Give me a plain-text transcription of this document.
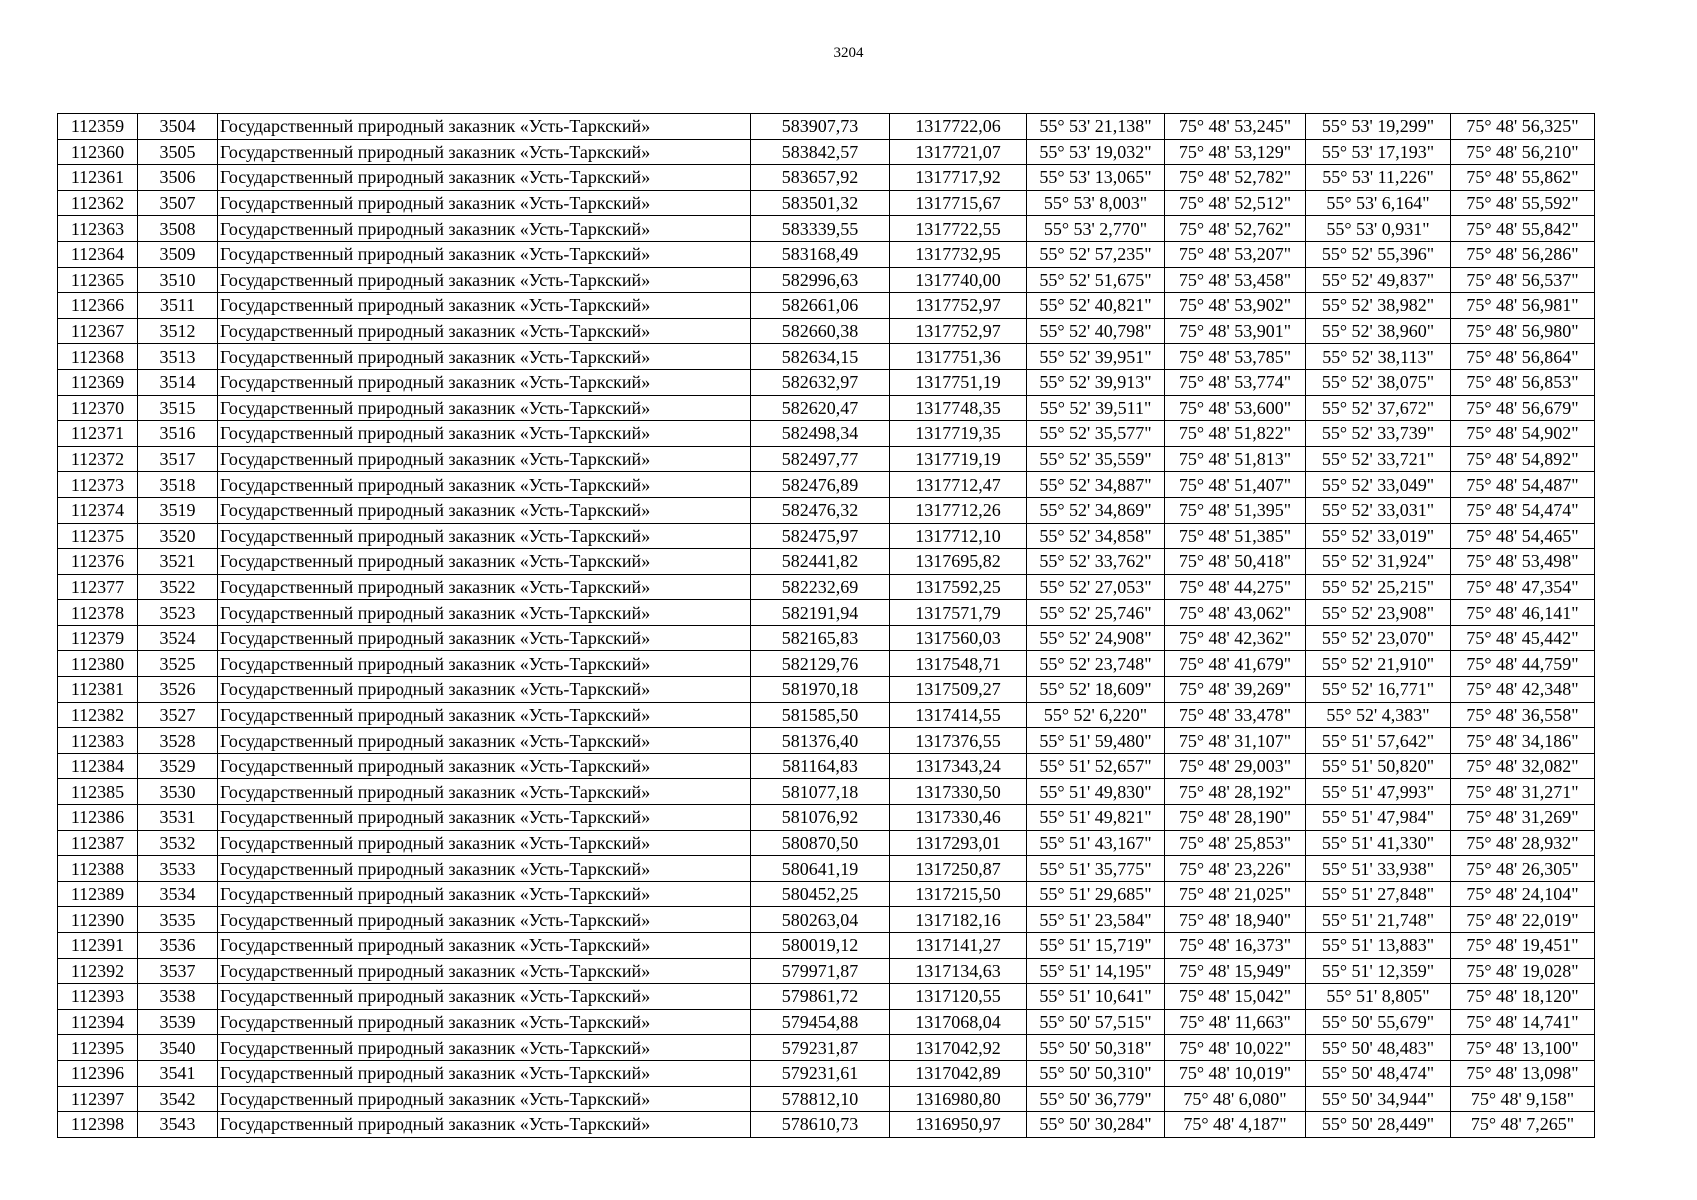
3204
112359	3504	Государственный природный заказник «Усть-Таркский»	583907,73	1317722,06	55° 53' 21,138"	75° 48' 53,245"	55° 53' 19,299"	75° 48' 56,325"
112360	3505	Государственный природный заказник «Усть-Таркский»	583842,57	1317721,07	55° 53' 19,032"	75° 48' 53,129"	55° 53' 17,193"	75° 48' 56,210"
112361	3506	Государственный природный заказник «Усть-Таркский»	583657,92	1317717,92	55° 53' 13,065"	75° 48' 52,782"	55° 53' 11,226"	75° 48' 55,862"
112362	3507	Государственный природный заказник «Усть-Таркский»	583501,32	1317715,67	55° 53' 8,003"	75° 48' 52,512"	55° 53' 6,164"	75° 48' 55,592"
112363	3508	Государственный природный заказник «Усть-Таркский»	583339,55	1317722,55	55° 53' 2,770"	75° 48' 52,762"	55° 53' 0,931"	75° 48' 55,842"
112364	3509	Государственный природный заказник «Усть-Таркский»	583168,49	1317732,95	55° 52' 57,235"	75° 48' 53,207"	55° 52' 55,396"	75° 48' 56,286"
112365	3510	Государственный природный заказник «Усть-Таркский»	582996,63	1317740,00	55° 52' 51,675"	75° 48' 53,458"	55° 52' 49,837"	75° 48' 56,537"
112366	3511	Государственный природный заказник «Усть-Таркский»	582661,06	1317752,97	55° 52' 40,821"	75° 48' 53,902"	55° 52' 38,982"	75° 48' 56,981"
112367	3512	Государственный природный заказник «Усть-Таркский»	582660,38	1317752,97	55° 52' 40,798"	75° 48' 53,901"	55° 52' 38,960"	75° 48' 56,980"
112368	3513	Государственный природный заказник «Усть-Таркский»	582634,15	1317751,36	55° 52' 39,951"	75° 48' 53,785"	55° 52' 38,113"	75° 48' 56,864"
112369	3514	Государственный природный заказник «Усть-Таркский»	582632,97	1317751,19	55° 52' 39,913"	75° 48' 53,774"	55° 52' 38,075"	75° 48' 56,853"
112370	3515	Государственный природный заказник «Усть-Таркский»	582620,47	1317748,35	55° 52' 39,511"	75° 48' 53,600"	55° 52' 37,672"	75° 48' 56,679"
112371	3516	Государственный природный заказник «Усть-Таркский»	582498,34	1317719,35	55° 52' 35,577"	75° 48' 51,822"	55° 52' 33,739"	75° 48' 54,902"
112372	3517	Государственный природный заказник «Усть-Таркский»	582497,77	1317719,19	55° 52' 35,559"	75° 48' 51,813"	55° 52' 33,721"	75° 48' 54,892"
112373	3518	Государственный природный заказник «Усть-Таркский»	582476,89	1317712,47	55° 52' 34,887"	75° 48' 51,407"	55° 52' 33,049"	75° 48' 54,487"
112374	3519	Государственный природный заказник «Усть-Таркский»	582476,32	1317712,26	55° 52' 34,869"	75° 48' 51,395"	55° 52' 33,031"	75° 48' 54,474"
112375	3520	Государственный природный заказник «Усть-Таркский»	582475,97	1317712,10	55° 52' 34,858"	75° 48' 51,385"	55° 52' 33,019"	75° 48' 54,465"
112376	3521	Государственный природный заказник «Усть-Таркский»	582441,82	1317695,82	55° 52' 33,762"	75° 48' 50,418"	55° 52' 31,924"	75° 48' 53,498"
112377	3522	Государственный природный заказник «Усть-Таркский»	582232,69	1317592,25	55° 52' 27,053"	75° 48' 44,275"	55° 52' 25,215"	75° 48' 47,354"
112378	3523	Государственный природный заказник «Усть-Таркский»	582191,94	1317571,79	55° 52' 25,746"	75° 48' 43,062"	55° 52' 23,908"	75° 48' 46,141"
112379	3524	Государственный природный заказник «Усть-Таркский»	582165,83	1317560,03	55° 52' 24,908"	75° 48' 42,362"	55° 52' 23,070"	75° 48' 45,442"
112380	3525	Государственный природный заказник «Усть-Таркский»	582129,76	1317548,71	55° 52' 23,748"	75° 48' 41,679"	55° 52' 21,910"	75° 48' 44,759"
112381	3526	Государственный природный заказник «Усть-Таркский»	581970,18	1317509,27	55° 52' 18,609"	75° 48' 39,269"	55° 52' 16,771"	75° 48' 42,348"
112382	3527	Государственный природный заказник «Усть-Таркский»	581585,50	1317414,55	55° 52' 6,220"	75° 48' 33,478"	55° 52' 4,383"	75° 48' 36,558"
112383	3528	Государственный природный заказник «Усть-Таркский»	581376,40	1317376,55	55° 51' 59,480"	75° 48' 31,107"	55° 51' 57,642"	75° 48' 34,186"
112384	3529	Государственный природный заказник «Усть-Таркский»	581164,83	1317343,24	55° 51' 52,657"	75° 48' 29,003"	55° 51' 50,820"	75° 48' 32,082"
112385	3530	Государственный природный заказник «Усть-Таркский»	581077,18	1317330,50	55° 51' 49,830"	75° 48' 28,192"	55° 51' 47,993"	75° 48' 31,271"
112386	3531	Государственный природный заказник «Усть-Таркский»	581076,92	1317330,46	55° 51' 49,821"	75° 48' 28,190"	55° 51' 47,984"	75° 48' 31,269"
112387	3532	Государственный природный заказник «Усть-Таркский»	580870,50	1317293,01	55° 51' 43,167"	75° 48' 25,853"	55° 51' 41,330"	75° 48' 28,932"
112388	3533	Государственный природный заказник «Усть-Таркский»	580641,19	1317250,87	55° 51' 35,775"	75° 48' 23,226"	55° 51' 33,938"	75° 48' 26,305"
112389	3534	Государственный природный заказник «Усть-Таркский»	580452,25	1317215,50	55° 51' 29,685"	75° 48' 21,025"	55° 51' 27,848"	75° 48' 24,104"
112390	3535	Государственный природный заказник «Усть-Таркский»	580263,04	1317182,16	55° 51' 23,584"	75° 48' 18,940"	55° 51' 21,748"	75° 48' 22,019"
112391	3536	Государственный природный заказник «Усть-Таркский»	580019,12	1317141,27	55° 51' 15,719"	75° 48' 16,373"	55° 51' 13,883"	75° 48' 19,451"
112392	3537	Государственный природный заказник «Усть-Таркский»	579971,87	1317134,63	55° 51' 14,195"	75° 48' 15,949"	55° 51' 12,359"	75° 48' 19,028"
112393	3538	Государственный природный заказник «Усть-Таркский»	579861,72	1317120,55	55° 51' 10,641"	75° 48' 15,042"	55° 51' 8,805"	75° 48' 18,120"
112394	3539	Государственный природный заказник «Усть-Таркский»	579454,88	1317068,04	55° 50' 57,515"	75° 48' 11,663"	55° 50' 55,679"	75° 48' 14,741"
112395	3540	Государственный природный заказник «Усть-Таркский»	579231,87	1317042,92	55° 50' 50,318"	75° 48' 10,022"	55° 50' 48,483"	75° 48' 13,100"
112396	3541	Государственный природный заказник «Усть-Таркский»	579231,61	1317042,89	55° 50' 50,310"	75° 48' 10,019"	55° 50' 48,474"	75° 48' 13,098"
112397	3542	Государственный природный заказник «Усть-Таркский»	578812,10	1316980,80	55° 50' 36,779"	75° 48' 6,080"	55° 50' 34,944"	75° 48' 9,158"
112398	3543	Государственный природный заказник «Усть-Таркский»	578610,73	1316950,97	55° 50' 30,284"	75° 48' 4,187"	55° 50' 28,449"	75° 48' 7,265"
